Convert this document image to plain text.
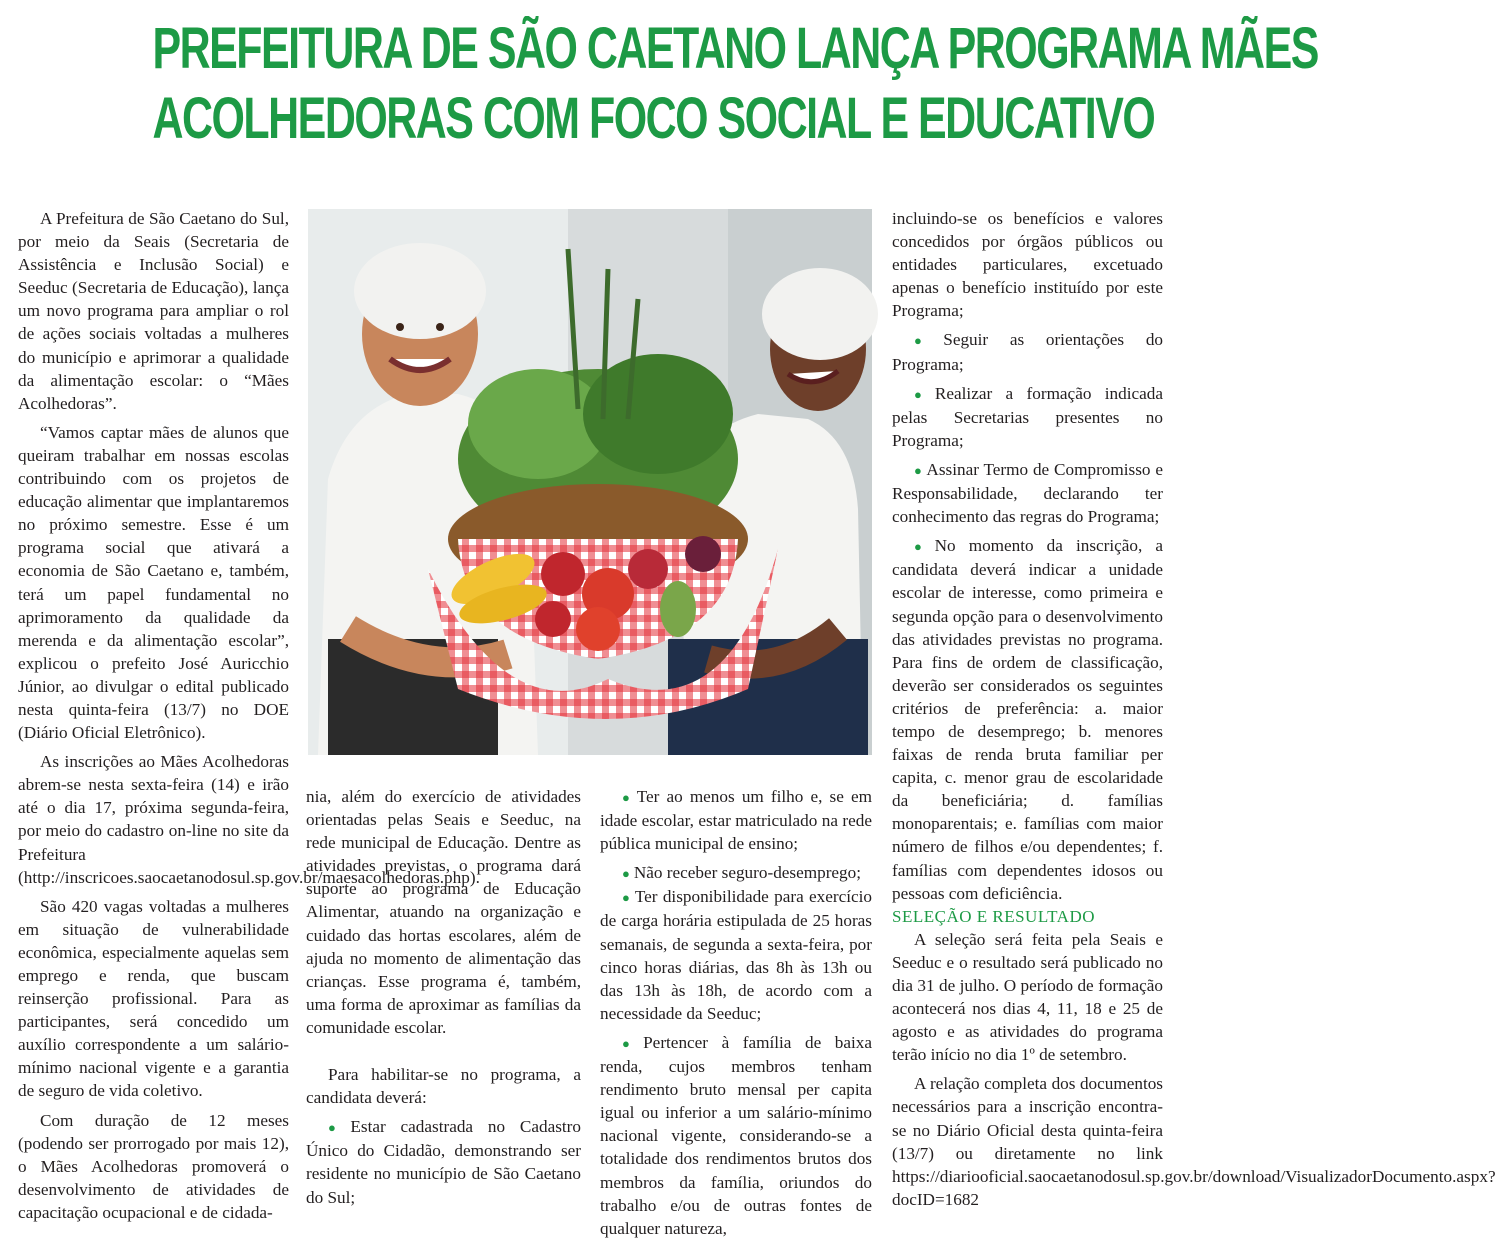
PREFEITURA DE SÃO CAETANO LANÇA PROGRAMA MÃES
ACOLHEDORAS COM FOCO SOCIAL E EDUCATIVO

A Prefeitura de São Caetano do Sul, por meio da Seais (Secretaria de Assistência e Inclusão Social) e Seeduc (Secretaria de Educação), lança um novo programa para ampliar o rol de ações sociais voltadas a mulheres do município e aprimorar a qualidade da alimentação escolar: o “Mães Acolhedoras”.

“Vamos captar mães de alunos que queiram trabalhar em nossas escolas contribuindo com os projetos de educação alimentar que implantaremos no próximo semestre. Esse é um programa social que ativará a economia de São Caetano e, também, terá um papel fundamental no aprimoramento da qualidade da merenda e da alimentação escolar”, explicou o prefeito José Auricchio Júnior, ao divulgar o edital publicado nesta quinta-feira (13/7) no DOE (Diário Oficial Eletrônico).

As inscrições ao Mães Acolhedoras abrem-se nesta sexta-feira (14) e irão até o dia 17, próxima segunda-feira, por meio do cadastro on-line no site da Prefeitura (http://inscricoes.saocaetanodosul.sp.gov.br/maesacolhedoras.php).

São 420 vagas voltadas a mulheres em situação de vulnerabilidade econômica, especialmente aquelas sem emprego e renda, que buscam reinserção profissional. Para as participantes, será concedido um auxílio correspondente a um salário-mínimo nacional vigente e a garantia de seguro de vida coletivo.

Com duração de 12 meses (podendo ser prorrogado por mais 12), o Mães Acolhedoras promoverá o desenvolvimento de atividades de capacitação ocupacional e de cidada-

nia, além do exercício de atividades orientadas pelas Seais e Seeduc, na rede municipal de Educação. Dentre as atividades previstas, o programa dará suporte ao programa de Educação Alimentar, atuando na organização e cuidado das hortas escolares, além de ajuda no momento de alimentação das crianças. Esse programa é, também, uma forma de aproximar as famílias da comunidade escolar.

Para habilitar-se no programa, a candidata deverá:

● Estar cadastrada no Cadastro Único do Cidadão, demonstrando ser residente no município de São Caetano do Sul;

● Ter ao menos um filho e, se em idade escolar, estar matriculado na rede pública municipal de ensino;

● Não receber seguro-desemprego;

● Ter disponibilidade para exercício de carga horária estipulada de 25 horas semanais, de segunda a sexta-feira, por cinco horas diárias, das 8h às 13h ou das 13h às 18h, de acordo com a necessidade da Seeduc;

● Pertencer à família de baixa renda, cujos membros tenham rendimento bruto mensal per capita igual ou inferior a um salário-mínimo nacional vigente, considerando-se a totalidade dos rendimentos brutos dos membros da família, oriundos do trabalho e/ou de outras fontes de qualquer natureza,

incluindo-se os benefícios e valores concedidos por órgãos públicos ou entidades particulares, excetuado apenas o benefício instituído por este Programa;

● Seguir as orientações do Programa;

● Realizar a formação indicada pelas Secretarias presentes no Programa;

● Assinar Termo de Compromisso e Responsabilidade, declarando ter conhecimento das regras do Programa;

● No momento da inscrição, a candidata deverá indicar a unidade escolar de interesse, como primeira e segunda opção para o desenvolvimento das atividades previstas no programa. Para fins de ordem de classificação, deverão ser considerados os seguintes critérios de preferência: a. maior tempo de desemprego; b. menores faixas de renda bruta familiar per capita, c. menor grau de escolaridade da beneficiária; d. famílias monoparentais; e. famílias com maior número de filhos e/ou dependentes; f. famílias com dependentes idosos ou pessoas com deficiência.

SELEÇÃO E RESULTADO

A seleção será feita pela Seais e Seeduc e o resultado será publicado no dia 31 de julho. O período de formação acontecerá nos dias 4, 11, 18 e 25 de agosto e as atividades do programa terão início no dia 1º de setembro.

A relação completa dos documentos necessários para a inscrição encontra-se no Diário Oficial desta quinta-feira (13/7) ou diretamente no link https://diariooficial.saocaetanodosul.sp.gov.br/download/VisualizadorDocumento.aspx?docID=1682
